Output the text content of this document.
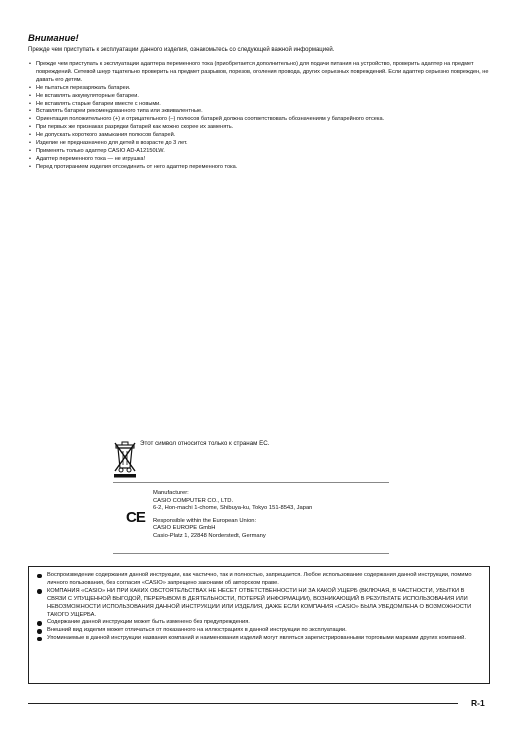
Внимание!
Прежде чем приступать к эксплуатации данного изделия, ознакомьтесь со следующей важной информацией.
• Прежде чем приступать к эксплуатации адаптера переменного тока (приобретается дополнительно) для подачи питания на устройство, проверить адаптер на предмет повреждений. Сетевой шнур тщательно проверить на предмет разрывов, порезов, оголения провода, других серьезных повреждений. Если адаптер серьезно поврежден, не давать его детям.
• Не пытаться перезаряжать батареи.
• Не вставлять аккумуляторные батареи.
• Не вставлять старые батареи вместе с новыми.
• Вставлять батареи рекомендованного типа или эквивалентные.
• Ориентация положительного (+) и отрицательного (–) полюсов батарей должна соответствовать обозначениям у батарейного отсека.
• При первых же признаках разрядки батарей как можно скорее их заменять.
• Не допускать короткого замыкания полюсов батарей.
• Изделие не предназначено для детей в возрасте до 3 лет.
• Применять только адаптер CASIO AD-A12150LW.
• Адаптер переменного тока — не игрушка!
• Перед протиранием изделия отсоединить от него адаптер переменного тока.
Этот символ относится только к странам ЕС.
CE
Manufacturer:
CASIO COMPUTER CO., LTD.
6-2, Hon-machi 1-chome, Shibuya-ku, Tokyo 151-8543, Japan
Responsible within the European Union:
CASIO EUROPE GmbH
Casio-Platz 1, 22848 Norderstedt, Germany
Воспроизведение содержания данной инструкции, как частично, так и полностью, запрещается. Любое использование содержания данной инструкции, помимо личного пользования, без согласия «CASIO» запрещено законами об авторском праве.
КОМПАНИЯ «CASIO» НИ ПРИ КАКИХ ОБСТОЯТЕЛЬСТВАХ НЕ НЕСЕТ ОТВЕТСТВЕННОСТИ НИ ЗА КАКОЙ УЩЕРБ (ВКЛЮЧАЯ, В ЧАСТНОСТИ, УБЫТКИ В СВЯЗИ С УПУЩЕННОЙ ВЫГОДОЙ, ПЕРЕРЫВОМ В ДЕЯТЕЛЬНОСТИ, ПОТЕРЕЙ ИНФОРМАЦИИ), ВОЗНИКАЮЩИЙ В РЕЗУЛЬТАТЕ ИСПОЛЬЗОВАНИЯ ИЛИ НЕВОЗМОЖНОСТИ ИСПОЛЬЗОВАНИЯ ДАННОЙ ИНСТРУКЦИИ ИЛИ ИЗДЕЛИЯ, ДАЖЕ ЕСЛИ КОМПАНИЯ «CASIO» БЫЛА УВЕДОМЛЕНА О ВОЗМОЖНОСТИ ТАКОГО УЩЕРБА.
Содержание данной инструкции может быть изменено без предупреждения.
Внешний вид изделия может отличаться от показанного на иллюстрациях в данной инструкции по эксплуатации.
Упоминаемые в данной инструкции названия компаний и наименования изделий могут являться зарегистрированными торговыми марками других компаний.
R-1
